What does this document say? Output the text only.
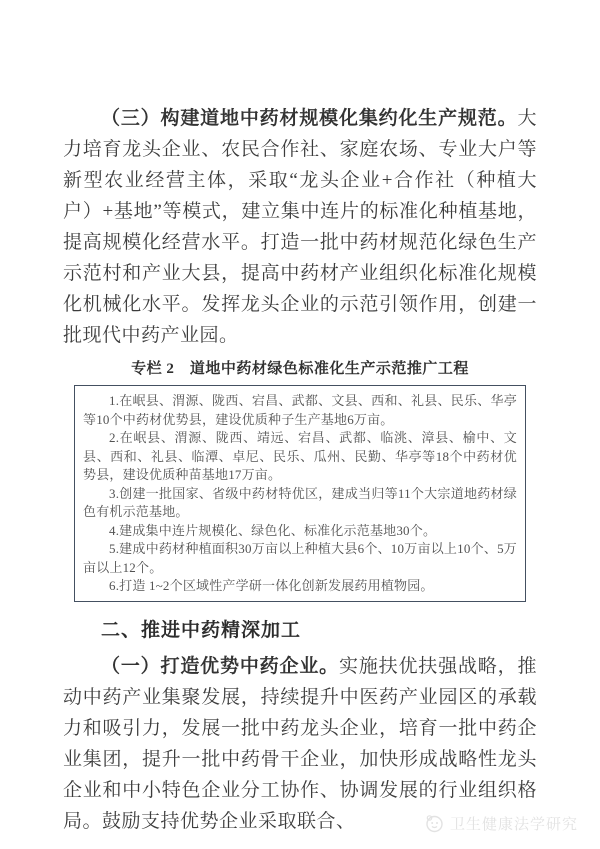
（三）构建道地中药材规模化集约化生产规范。大力培育龙头企业、农民合作社、家庭农场、专业大户等新型农业经营主体，采取“龙头企业+合作社（种植大户）+基地”等模式，建立集中连片的标准化种植基地，提高规模化经营水平。打造一批中药材规范化绿色生产示范村和产业大县，提高中药材产业组织化标准化规模化机械化水平。发挥龙头企业的示范引领作用，创建一批现代中药产业园。

专栏 2　道地中药材绿色标准化生产示范推广工程

1.在岷县、渭源、陇西、宕昌、武都、文县、西和、礼县、民乐、华亭等10个中药材优势县，建设优质种子生产基地6万亩。

2.在岷县、渭源、陇西、靖远、宕昌、武都、临洮、漳县、榆中、文县、西和、礼县、临潭、卓尼、民乐、瓜州、民勤、华亭等18个中药材优势县，建设优质种苗基地17万亩。

3.创建一批国家、省级中药材特优区，建成当归等11个大宗道地药材绿色有机示范基地。

4.建成集中连片规模化、绿色化、标准化示范基地30个。

5.建成中药材种植面积30万亩以上种植大县6个、10万亩以上10个、5万亩以上12个。

6.打造 1~2个区域性产学研一体化创新发展药用植物园。

二、推进中药精深加工

（一）打造优势中药企业。实施扶优扶强战略，推动中药产业集聚发展，持续提升中医药产业园区的承载力和吸引力，发展一批中药龙头企业，培育一批中药企业集团，提升一批中药骨干企业，加快形成战略性龙头企业和中小特色企业分工协作、协调发展的行业组织格局。鼓励支持优势企业采取联合、	卫生健康法学研究
